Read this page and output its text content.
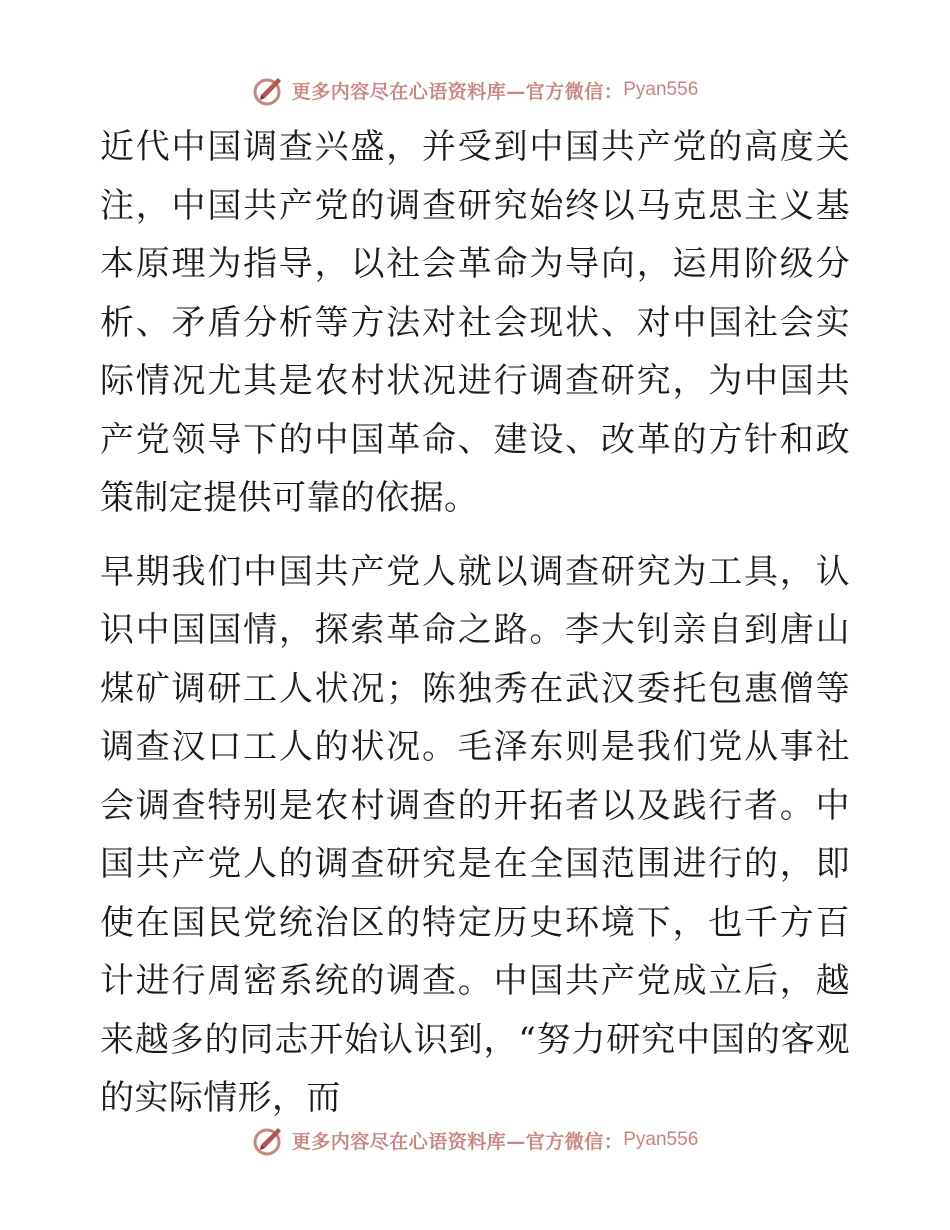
更多内容尽在心语资料库—官方微信： Pyan556

近代中国调查兴盛，并受到中国共产党的高度关注，中国共产党的调查研究始终以马克思主义基本原理为指导，以社会革命为导向，运用阶级分析、矛盾分析等方法对社会现状、对中国社会实际情况尤其是农村状况进行调查研究，为中国共产党领导下的中国革命、建设、改革的方针和政策制定提供可靠的依据。

早期我们中国共产党人就以调查研究为工具，认识中国国情，探索革命之路。李大钊亲自到唐山煤矿调研工人状况；陈独秀在武汉委托包惠僧等调查汉口工人的状况。毛泽东则是我们党从事社会调查特别是农村调查的开拓者以及践行者。中国共产党人的调查研究是在全国范围进行的，即使在国民党统治区的特定历史环境下，也千方百计进行周密系统的调查。中国共产党成立后，越来越多的同志开始认识到，“努力研究中国的客观的实际情形，而

更多内容尽在心语资料库—官方微信： Pyan556
